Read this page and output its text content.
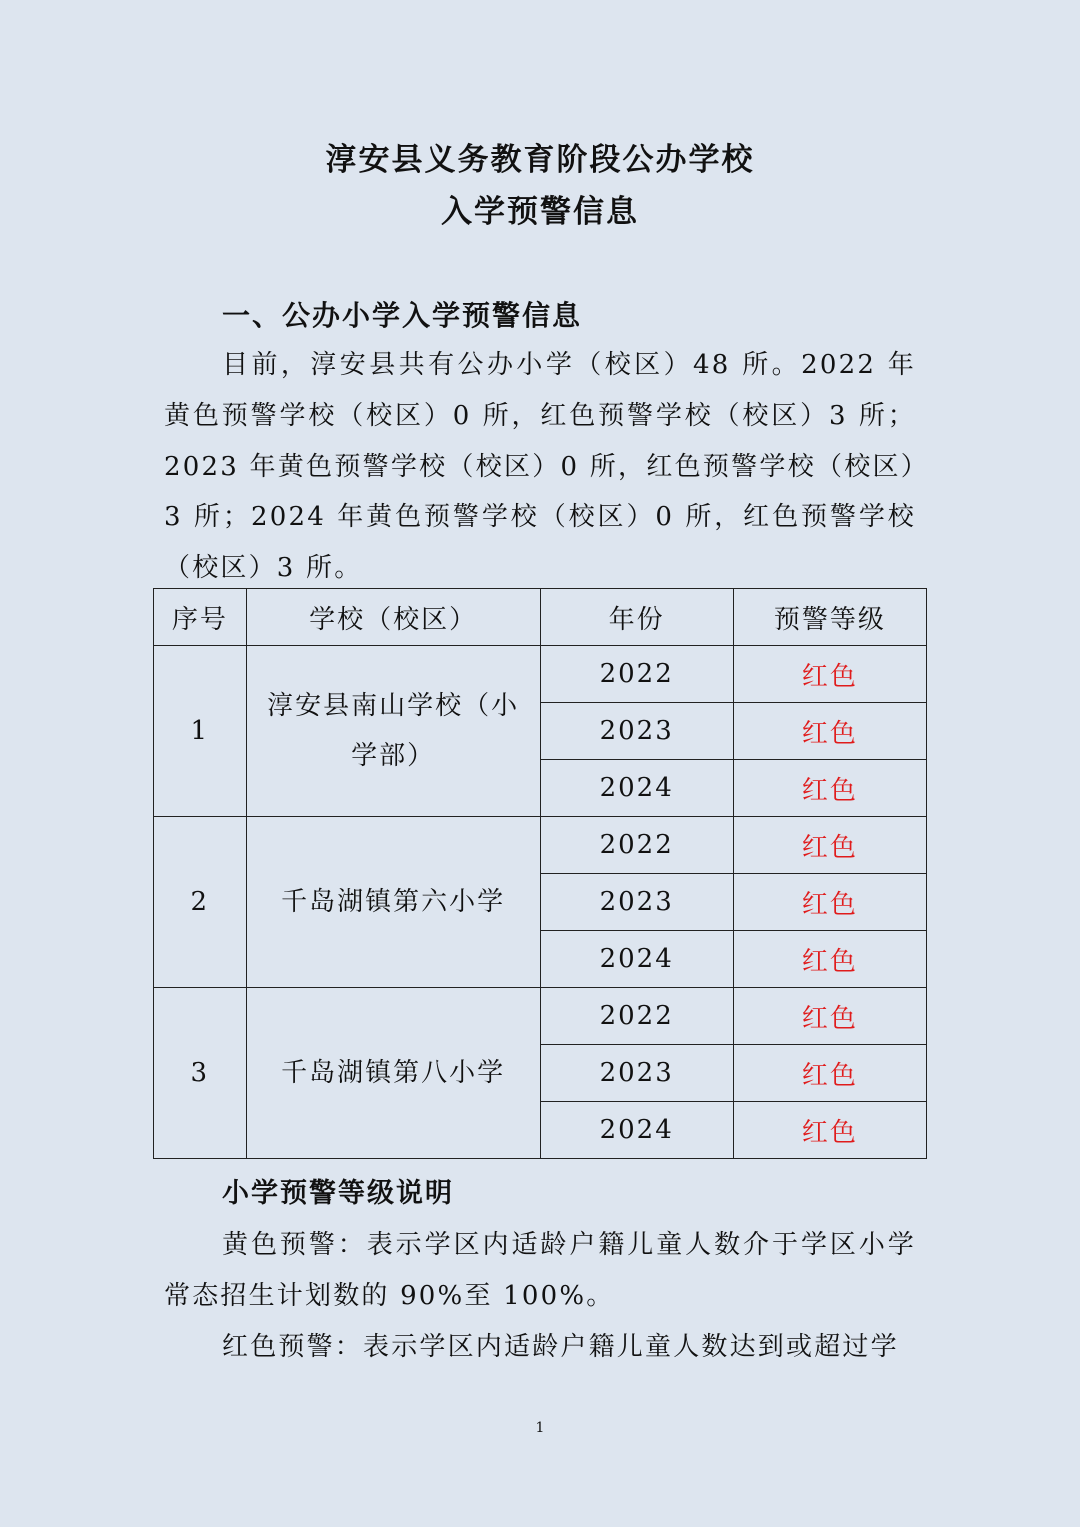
淳安县义务教育阶段公办学校
入学预警信息
一、公办小学入学预警信息

目前，淳安县共有公办小学（校区）48 所。2022 年黄色预警学校（校区）0 所，红色预警学校（校区）3 所；2023 年黄色预警学校（校区）0 所，红色预警学校（校区）3 所；2024 年黄色预警学校（校区）0 所，红色预警学校（校区）3 所。

序号	学校（校区）	年份	预警等级
1	淳安县南山学校（小学部）	2022	红色
		2023	红色
		2024	红色
2	千岛湖镇第六小学	2022	红色
		2023	红色
		2024	红色
3	千岛湖镇第八小学	2022	红色
		2023	红色
		2024	红色
小学预警等级说明

黄色预警：表示学区内适龄户籍儿童人数介于学区小学常态招生计划数的 90%至 100%。

红色预警：表示学区内适龄户籍儿童人数达到或超过学

1
